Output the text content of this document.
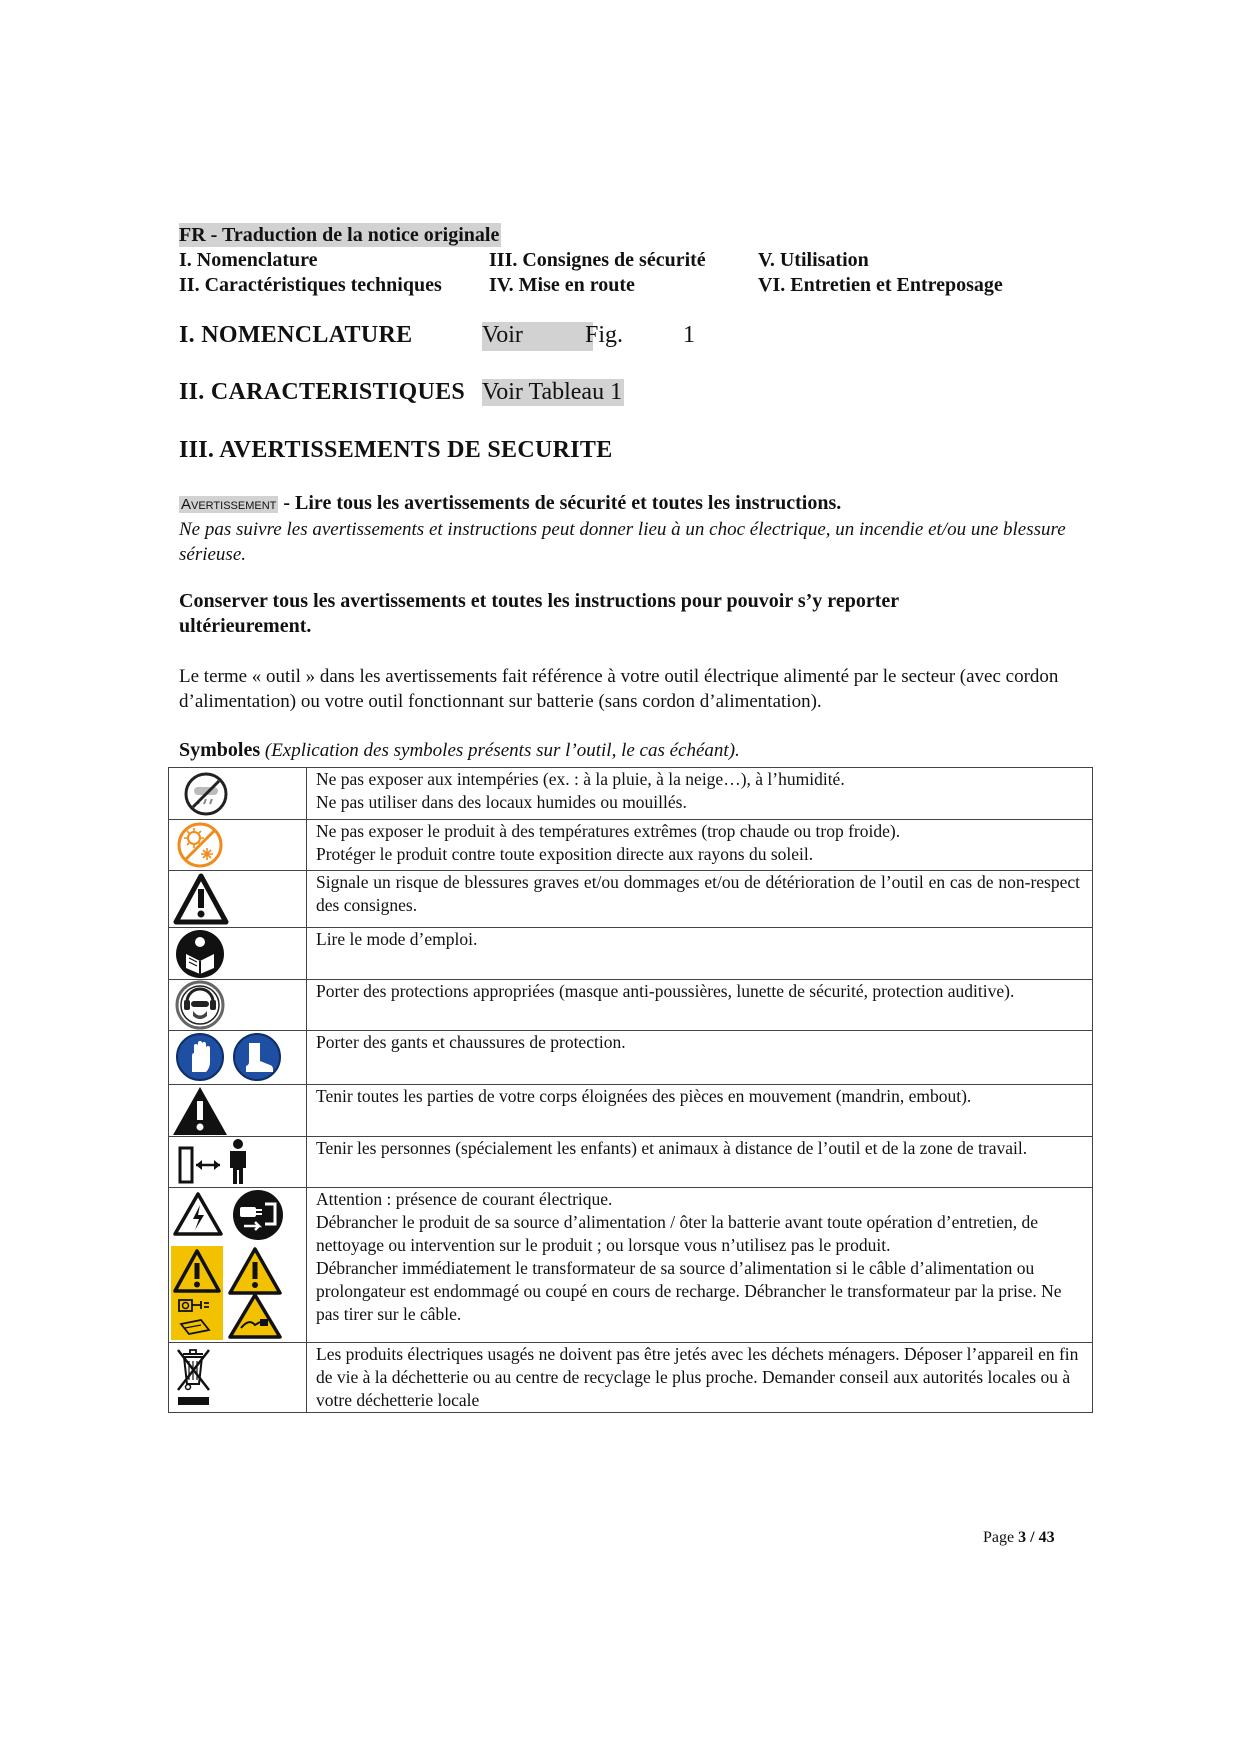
FR - Traduction de la notice originale
I. Nomenclature
II. Caractéristiques techniques
III. Consignes de sécurité
IV. Mise en route
V. Utilisation
VI. Entretien et Entreposage
I. NOMENCLATURE	Voir	Fig. 1
II. CARACTERISTIQUES Voir Tableau 1
III. AVERTISSEMENTS DE SECURITE
Avertissement - Lire tous les avertissements de sécurité et toutes les instructions.
Ne pas suivre les avertissements et instructions peut donner lieu à un choc électrique, un incendie et/ou une blessure sérieuse.
Conserver tous les avertissements et toutes les instructions pour pouvoir s’y reporter ultérieurement.
Le terme « outil » dans les avertissements fait référence à votre outil électrique alimenté par le secteur (avec cordon d’alimentation) ou votre outil fonctionnant sur batterie (sans cordon d’alimentation).
Symboles (Explication des symboles présents sur l’outil, le cas échéant).

Ne pas exposer aux intempéries (ex. : à la pluie, à la neige…), à l’humidité.
Ne pas utiliser dans des locaux humides ou mouillés.

Ne pas exposer le produit à des températures extrêmes (trop chaude ou trop froide).
Protéger le produit contre toute exposition directe aux rayons du soleil.

Signale un risque de blessures graves et/ou dommages et/ou de détérioration de l’outil en cas de non-respect des consignes.

Lire le mode d’emploi.

Porter des protections appropriées (masque anti-poussières, lunette de sécurité, protection auditive).

Porter des gants et chaussures de protection.

Tenir toutes les parties de votre corps éloignées des pièces en mouvement (mandrin, embout).

Tenir les personnes (spécialement les enfants) et animaux à distance de l’outil et de la zone de travail.

Attention : présence de courant électrique.
Débrancher le produit de sa source d’alimentation / ôter la batterie avant toute opération d’entretien, de nettoyage ou intervention sur le produit ; ou lorsque vous n’utilisez pas le produit.
Débrancher immédiatement le transformateur de sa source d’alimentation si le câble d’alimentation ou prolongateur est endommagé ou coupé en cours de recharge. Débrancher le transformateur par la prise. Ne pas tirer sur le câble.

Les produits électriques usagés ne doivent pas être jetés avec les déchets ménagers. Déposer l’appareil en fin de vie à la déchetterie ou au centre de recyclage le plus proche. Demander conseil aux autorités locales ou à votre déchetterie locale
Page 3 / 43
